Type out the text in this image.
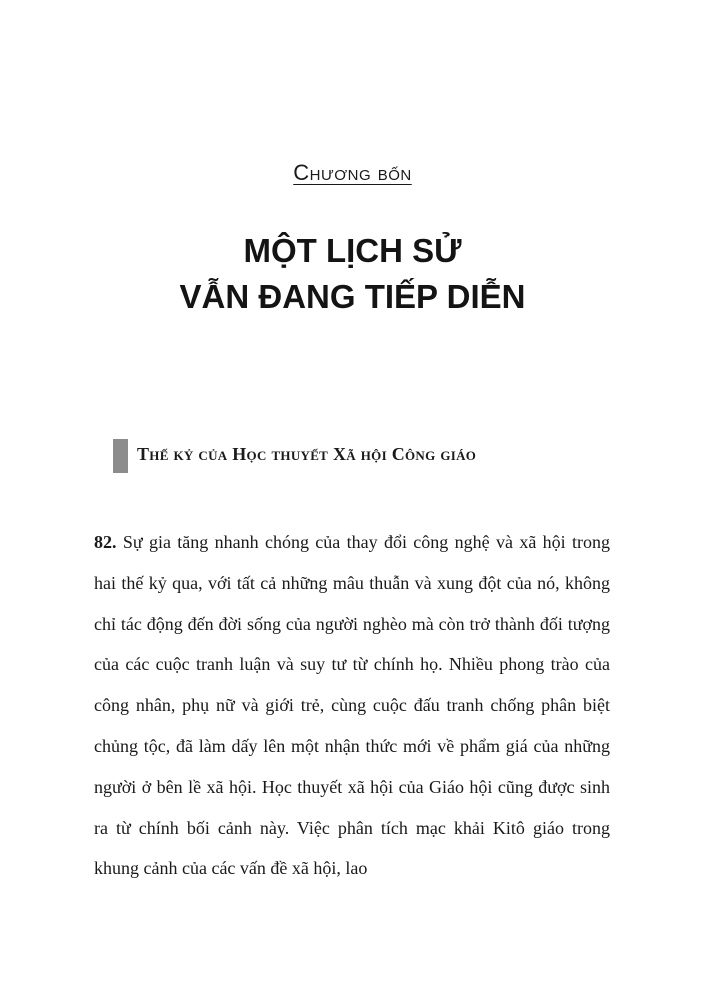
Chương bốn
MỘT LỊCH SỬ
VẪN ĐANG TIẾP DIỄN
Thế kỷ của Học thuyết Xã hội Công giáo
82. Sự gia tăng nhanh chóng của thay đổi công nghệ và xã hội trong hai thế kỷ qua, với tất cả những mâu thuẫn và xung đột của nó, không chỉ tác động đến đời sống của người nghèo mà còn trở thành đối tượng của các cuộc tranh luận và suy tư từ chính họ. Nhiều phong trào của công nhân, phụ nữ và giới trẻ, cùng cuộc đấu tranh chống phân biệt chủng tộc, đã làm dấy lên một nhận thức mới về phẩm giá của những người ở bên lề xã hội. Học thuyết xã hội của Giáo hội cũng được sinh ra từ chính bối cảnh này. Việc phân tích mạc khải Kitô giáo trong khung cảnh của các vấn đề xã hội, lao
